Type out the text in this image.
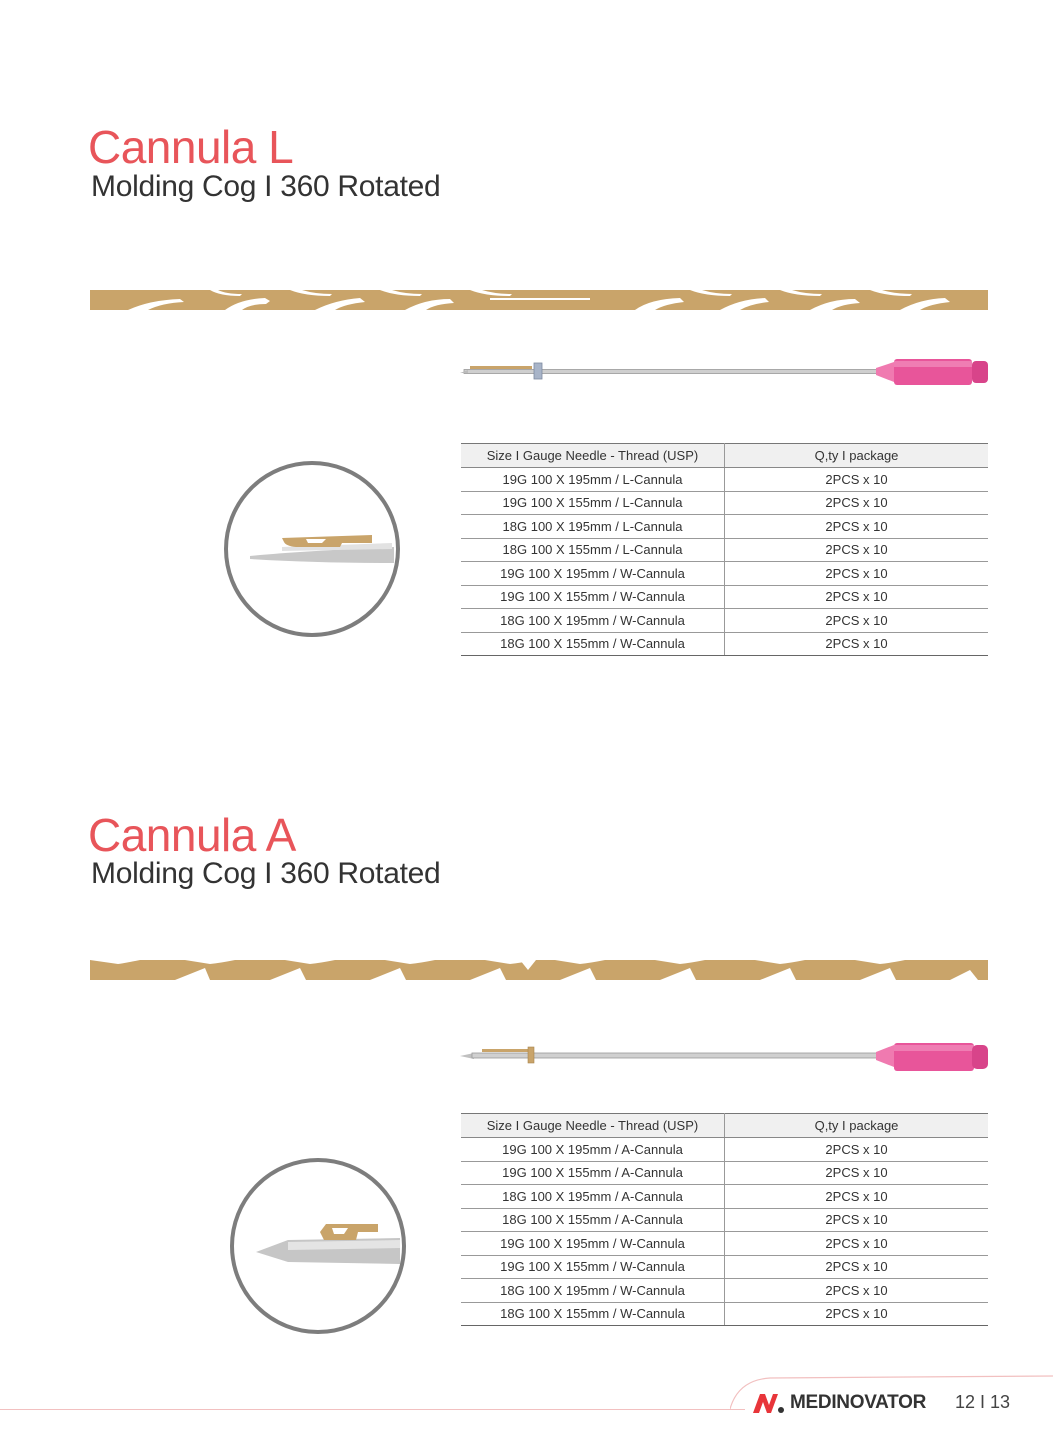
Cannula L
Molding Cog I 360 Rotated
Size I Gauge Needle - Thread (USP)	Q,ty I package
19G 100 X 195mm / L-Cannula	2PCS x 10
19G 100 X 155mm / L-Cannula	2PCS x 10
18G 100 X 195mm / L-Cannula	2PCS x 10
18G 100 X 155mm / L-Cannula	2PCS x 10
19G 100 X 195mm / W-Cannula	2PCS x 10
19G 100 X 155mm / W-Cannula	2PCS x 10
18G 100 X 195mm / W-Cannula	2PCS x 10
18G 100 X 155mm / W-Cannula	2PCS x 10
Cannula A
Molding Cog I 360 Rotated
Size I Gauge Needle - Thread (USP)	Q,ty I package
19G 100 X 195mm / A-Cannula	2PCS x 10
19G 100 X 155mm / A-Cannula	2PCS x 10
18G 100 X 195mm / A-Cannula	2PCS x 10
18G 100 X 155mm / A-Cannula	2PCS x 10
19G 100 X 195mm / W-Cannula	2PCS x 10
19G 100 X 155mm / W-Cannula	2PCS x 10
18G 100 X 195mm / W-Cannula	2PCS x 10
18G 100 X 155mm / W-Cannula	2PCS x 10
MEDINOVATOR 12 I 13
